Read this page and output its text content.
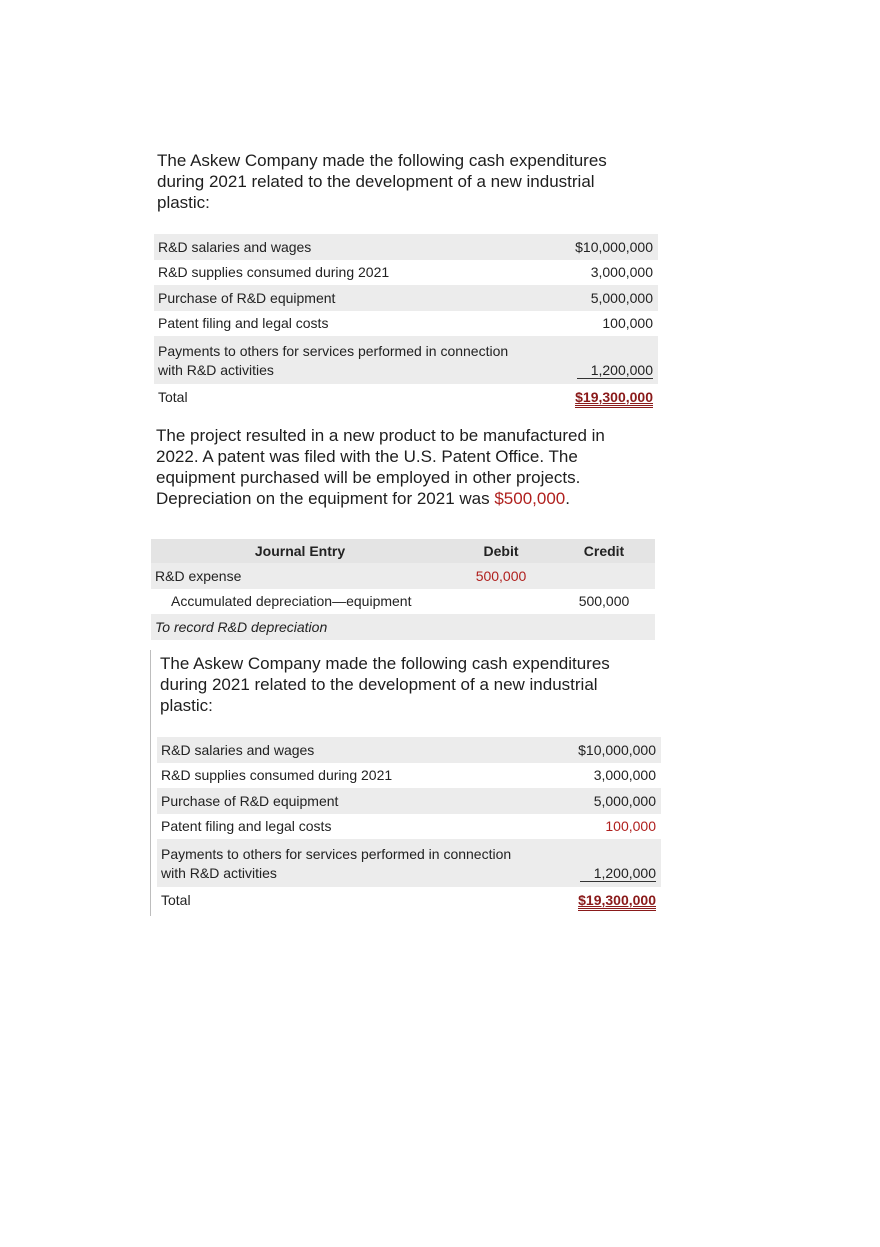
The Askew Company made the following cash expenditures
during 2021 related to the development of a new industrial
plastic:
R&D salaries and wages	$10,000,000
R&D supplies consumed during 2021	3,000,000
Purchase of R&D equipment	5,000,000
Patent filing and legal costs	100,000

Payments to others for services performed in connection
with R&D activities	1,200,000
Total	$19,300,000
The project resulted in a new product to be manufactured in
2022. A patent was filed with the U.S. Patent Office. The
equipment purchased will be employed in other projects.
Depreciation on the equipment for 2021 was $500,000.
Journal Entry	Debit	Credit
R&D expense	500,000	
Accumulated depreciation—equipment		500,000
To record R&D depreciation		
The Askew Company made the following cash expenditures
during 2021 related to the development of a new industrial
plastic:
R&D salaries and wages	$10,000,000
R&D supplies consumed during 2021	3,000,000
Purchase of R&D equipment	5,000,000
Patent filing and legal costs	100,000

Payments to others for services performed in connection
with R&D activities	1,200,000
Total	$19,300,000
